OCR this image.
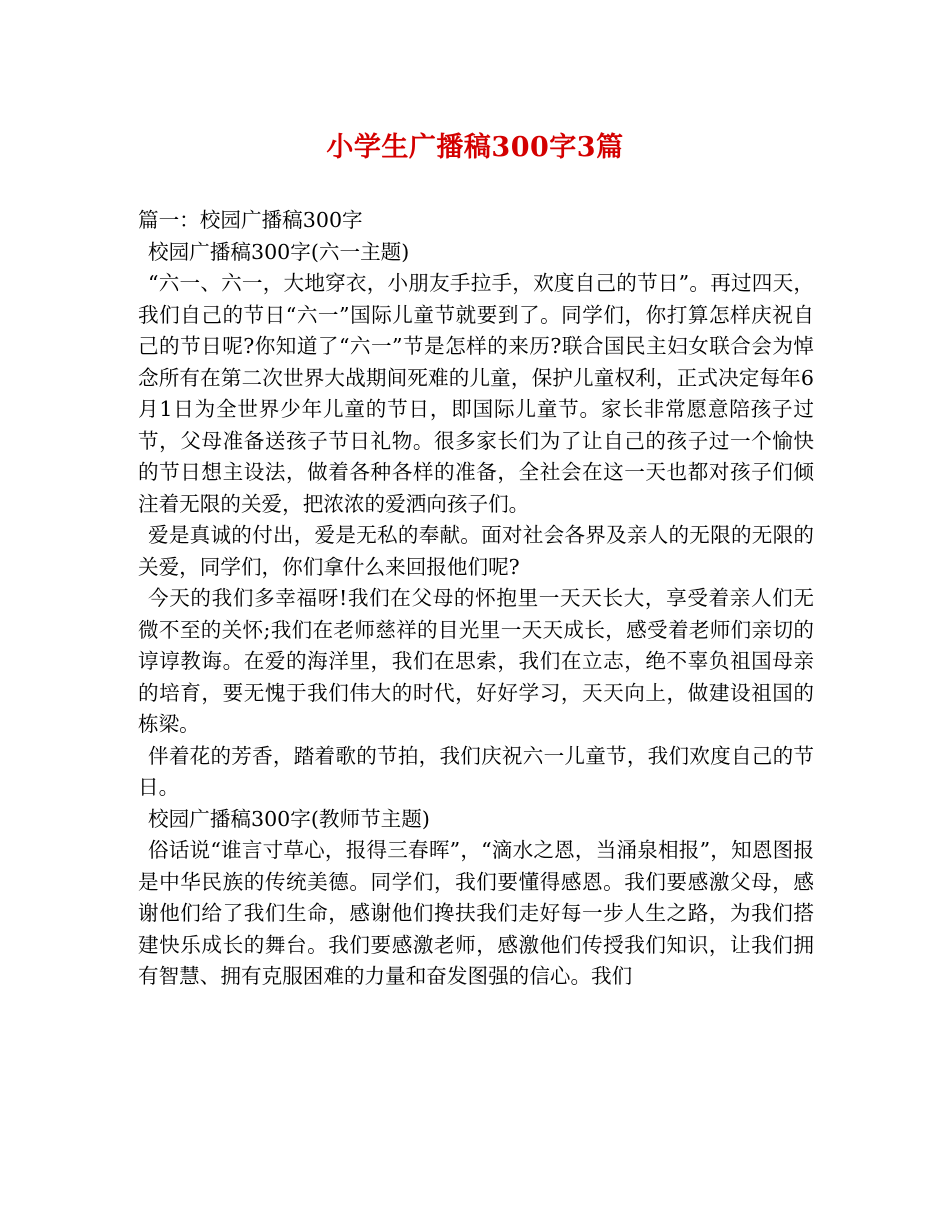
小学生广播稿300字3篇

篇一：校园广播稿300字

校园广播稿300字(六一主题)

“六一、六一，大地穿衣，小朋友手拉手，欢度自己的节日”。再过四天，我们自己的节日“六一”国际儿童节就要到了。同学们，你打算怎样庆祝自己的节日呢?你知道了“六一”节是怎样的来历?联合国民主妇女联合会为悼念所有在第二次世界大战期间死难的儿童，保护儿童权利，正式决定每年6月1日为全世界少年儿童的节日，即国际儿童节。家长非常愿意陪孩子过节，父母准备送孩子节日礼物。很多家长们为了让自己的孩子过一个愉快的节日想主设法，做着各种各样的准备，全社会在这一天也都对孩子们倾注着无限的关爱，把浓浓的爱洒向孩子们。

爱是真诚的付出，爱是无私的奉献。面对社会各界及亲人的无限的无限的关爱，同学们，你们拿什么来回报他们呢?

今天的我们多幸福呀!我们在父母的怀抱里一天天长大，享受着亲人们无微不至的关怀;我们在老师慈祥的目光里一天天成长，感受着老师们亲切的谆谆教诲。在爱的海洋里，我们在思索，我们在立志，绝不辜负祖国母亲的培育，要无愧于我们伟大的时代，好好学习，天天向上，做建设祖国的栋梁。

伴着花的芳香，踏着歌的节拍，我们庆祝六一儿童节，我们欢度自己的节日。

校园广播稿300字(教师节主题)

俗话说“谁言寸草心，报得三春晖”，“滴水之恩，当涌泉相报”，知恩图报是中华民族的传统美德。同学们，我们要懂得感恩。我们要感激父母，感谢他们给了我们生命，感谢他们搀扶我们走好每一步人生之路，为我们搭建快乐成长的舞台。我们要感激老师，感激他们传授我们知识，让我们拥有智慧、拥有克服困难的力量和奋发图强的信心。我们
